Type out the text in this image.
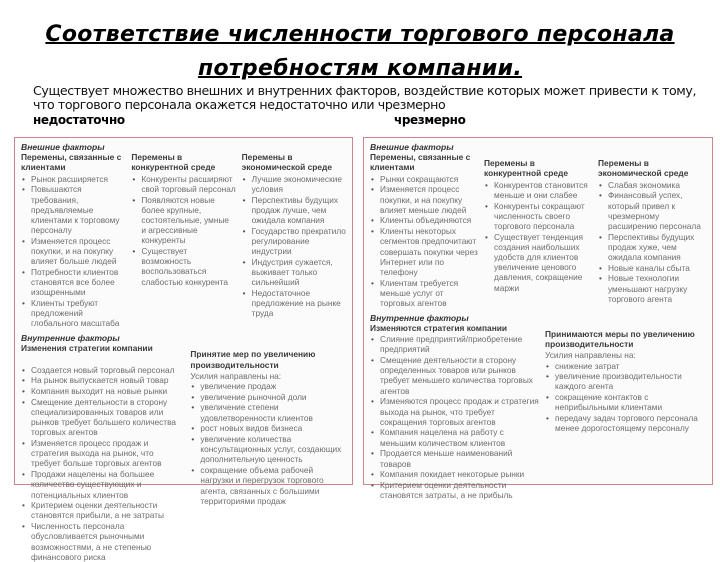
Соответствие численности торгового персонала
потребностям компании.
Существует множество внешних и внутренних факторов, воздействие которых может привести к тому, что торгового персонала окажется недостаточно или чрезмерно
недостаточно	чрезмерно
Внешние факторы
Перемены, связанные с клиентами
• Рынок расширяется
• Повышаются требования, предъявляемые клиентами к торговому персоналу
• Изменяется процесс покупки, и на покупку влияет больше людей
• Потребности клиентов становятся все более изощренными
• Клиенты требуют предложений глобального масштаба
Перемены в конкурентной среде
• Конкуренты расширяют свой торговый персонал
• Появляются новые более крупные, состоятельные, умные и агрессивные конкуренты
• Существует возможность воспользоваться слабостью конкурента
Перемены в экономической среде
• Лучшие экономические условия
• Перспективы будущих продаж лучше, чем ожидала компания
• Государство прекратило регулирование индустрии
• Индустрия сужается, выживает только сильнейший
• Недостаточное предложение на рынке труда
Внутренние факторы
Изменения стратегии компании
• Создается новый торговый персонал
• На рынок выпускается новый товар
• Компания выходит на новые рынки
• Смещение деятельности в сторону специализированных товаров или рынков требует большего количества торговых агентов
• Изменяется процесс продаж и стратегия выхода на рынок, что требует больше торговых агентов
• Продажи нацелены на большее количество существующих и потенциальных клиентов
• Критерием оценки деятельности становятся прибыли, а не затраты
• Численность персонала обусловливается рыночными возможностями, а не степенью финансового риска
Принятие мер по увеличению производительности
Усилия направлены на:
• увеличение продаж
• увеличение рыночной доли
• увеличение степени удовлетворенности клиентов
• рост новых видов бизнеса
• увеличение количества консультационных услуг, создающих дополнительную ценность
• сокращение объема рабочей нагрузки и перегрузок торгового агента, связанных с большими территориями продаж
Внешние факторы
Перемены, связанные с клиентами
• Рынки сокращаются
• Изменяется процесс покупки, и на покупку влияет меньше людей
• Клиенты объединяются
• Клиенты некоторых сегментов предпочитают совершать покупки через Интернет или по телефону
• Клиентам требуется меньше услуг от торговых агентов
Перемены в конкурентной среде
• Конкурентов становится меньше и они слабее
• Конкуренты сокращают численность своего торгового персонала
• Существует тенденция создания наибольших удобств для клиентов увеличение ценового давления, сокращение маржи
Перемены в экономической среде
• Слабая экономика
• Финансовый успех, который привел к чрезмерному расширению персонала
• Перспективы будущих продаж хуже, чем ожидала компания
• Новые каналы сбыта
• Новые технологии уменьшают нагрузку торгового агента
Внутренние факторы
Изменяются стратегия компании
• Слияние предприятий/приобретение предприятий
• Смещение деятельности в сторону определенных товаров или рынков требует меньшего количества торговых агентов
• Изменяются процесс продаж и стратегия выхода на рынок, что требует сокращения торговых агентов
• Компания нацелена на работу с меньшим количеством клиентов
• Продается меньше наименований товаров
• Компания покидает некоторые рынки
• Критерием оценки деятельности становятся затраты, а не прибыль
Принимаются меры по увеличению производительности
Усилия направлены на:
• снижение затрат
• увеличение производительности каждого агента
• сокращение контактов с неприбыльными клиентами
• передачу задач торгового персонала менее дорогостоящему персоналу
